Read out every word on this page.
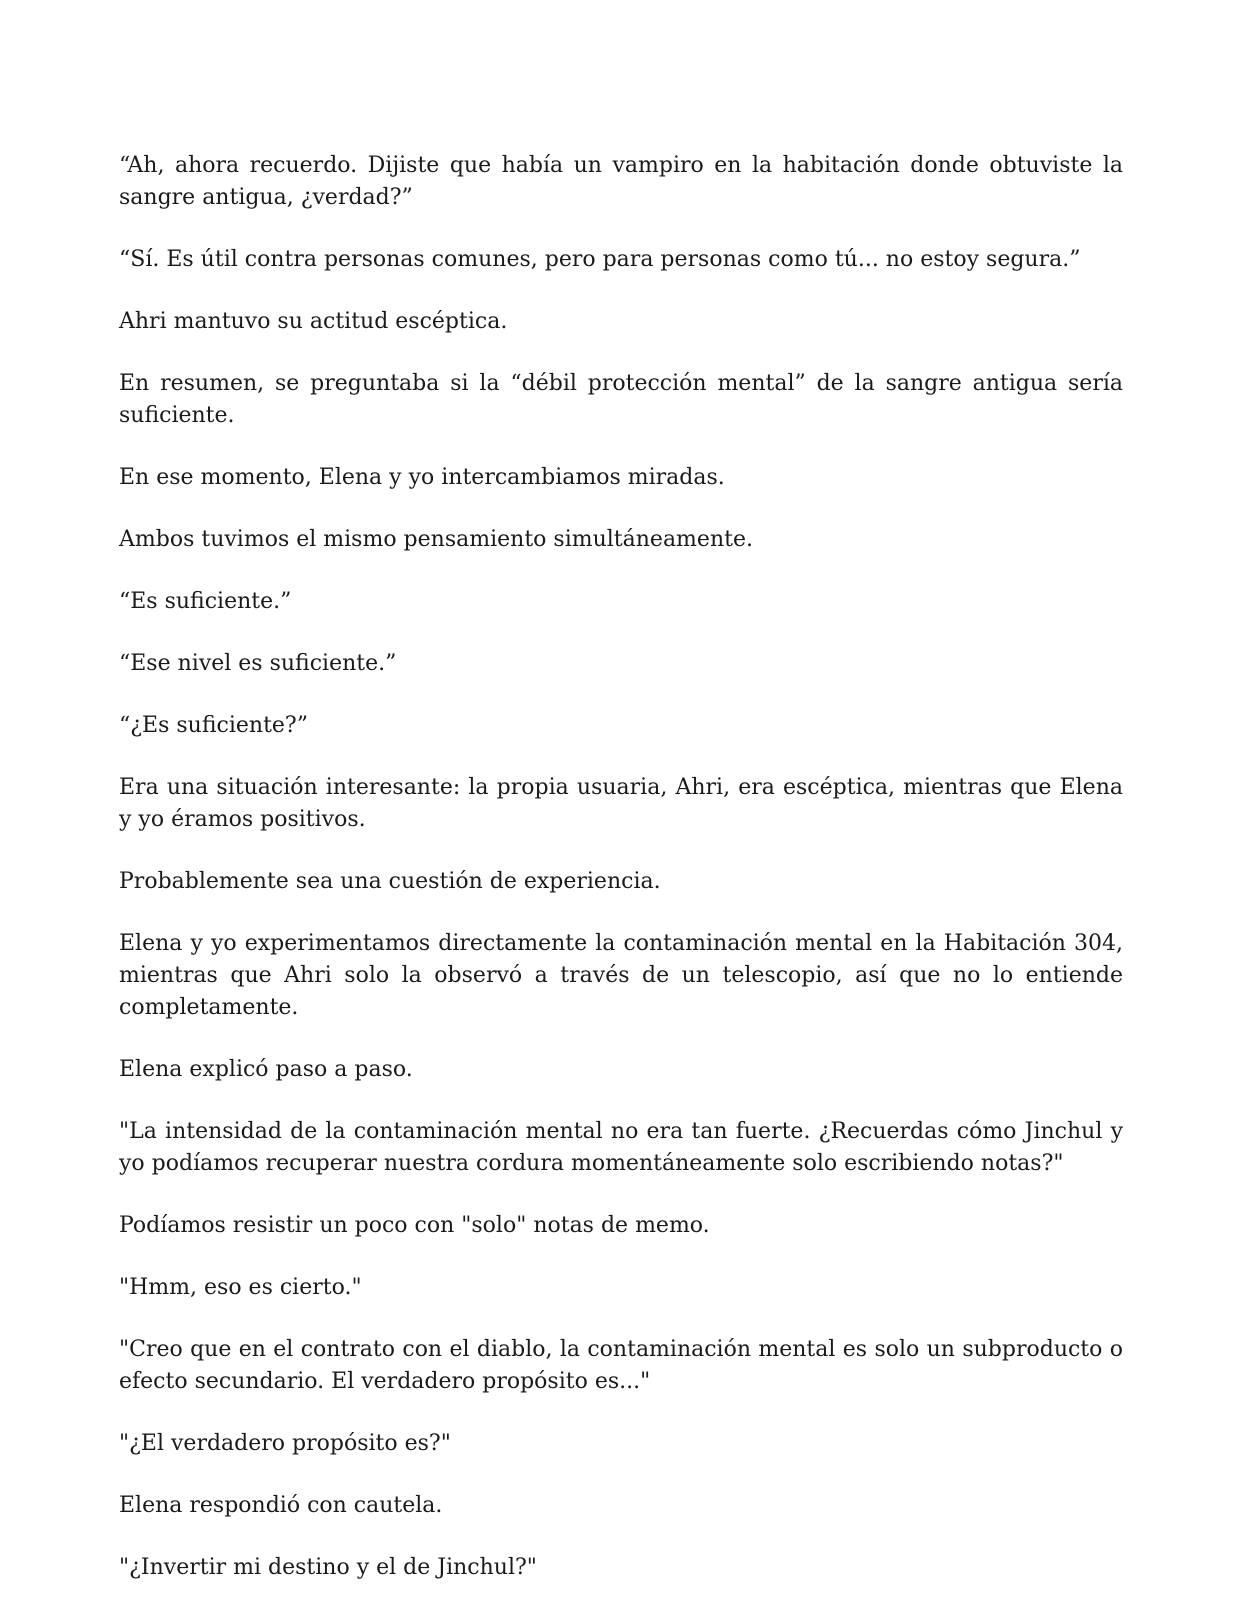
“Ah, ahora recuerdo. Dijiste que había un vampiro en la habitación donde obtuviste la sangre antigua, ¿verdad?”

“Sí. Es útil contra personas comunes, pero para personas como tú... no estoy segura.”

Ahri mantuvo su actitud escéptica.

En resumen, se preguntaba si la “débil protección mental” de la sangre antigua sería suficiente.

En ese momento, Elena y yo intercambiamos miradas.

Ambos tuvimos el mismo pensamiento simultáneamente.

“Es suficiente.”

“Ese nivel es suficiente.”

“¿Es suficiente?”

Era una situación interesante: la propia usuaria, Ahri, era escéptica, mientras que Elena y yo éramos positivos.

Probablemente sea una cuestión de experiencia.

Elena y yo experimentamos directamente la contaminación mental en la Habitación 304, mientras que Ahri solo la observó a través de un telescopio, así que no lo entiende completamente.

Elena explicó paso a paso.

"La intensidad de la contaminación mental no era tan fuerte. ¿Recuerdas cómo Jinchul y yo podíamos recuperar nuestra cordura momentáneamente solo escribiendo notas?"

Podíamos resistir un poco con "solo" notas de memo.

"Hmm, eso es cierto."

"Creo que en el contrato con el diablo, la contaminación mental es solo un subproducto o efecto secundario. El verdadero propósito es..."

"¿El verdadero propósito es?"

Elena respondió con cautela.

"¿Invertir mi destino y el de Jinchul?"
